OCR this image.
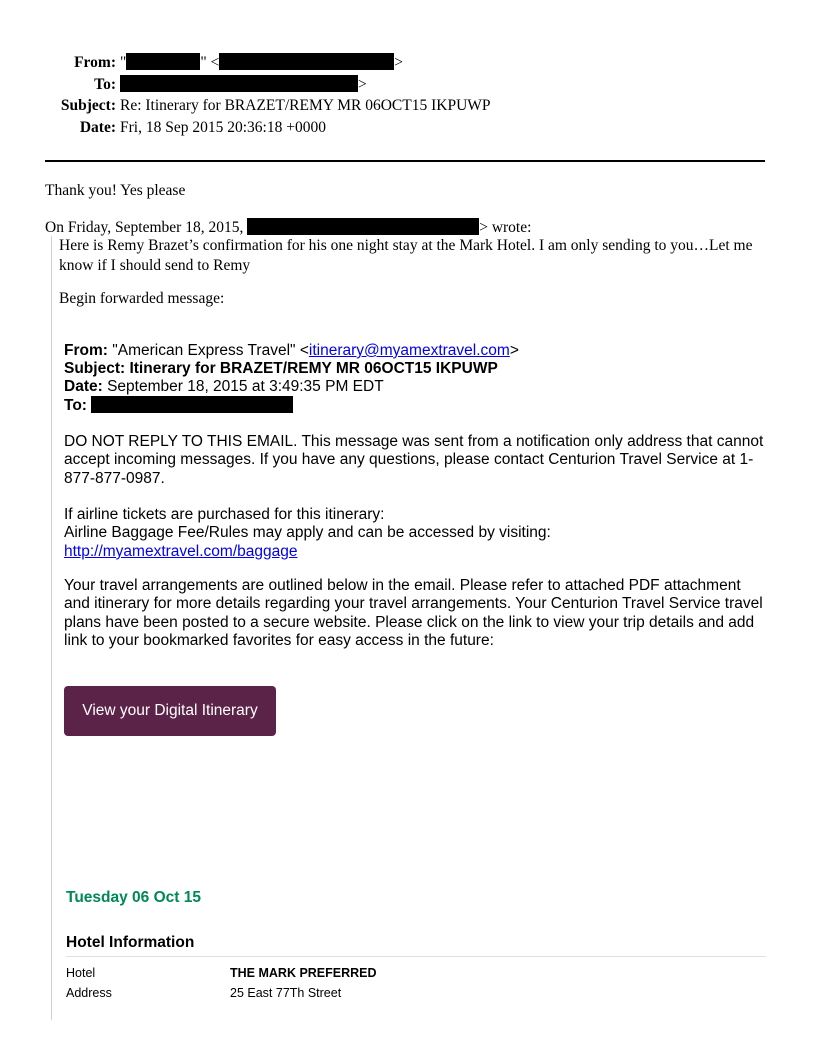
From: "	" <	>
To:	>
Subject: Re: Itinerary for BRAZET/REMY MR 06OCT15 IKPUWP
Date: Fri, 18 Sep 2015 20:36:18 +0000
Thank you! Yes please
On Friday, September 18, 2015,	> wrote:
Here is Remy Brazet’s confirmation for his one night stay at the Mark Hotel. I am only sending to you…Let me know if I should send to Remy
Begin forwarded message:

From: "American Express Travel" <itinerary@myamextravel.com>

Subject: Itinerary for BRAZET/REMY MR 06OCT15 IKPUWP

Date: September 18, 2015 at 3:49:35 PM EDT

To:

DO NOT REPLY TO THIS EMAIL. This message was sent from a notification only address that cannot accept incoming messages. If you have any questions, please contact Centurion Travel Service at 1-877-877-0987.
If airline tickets are purchased for this itinerary:
Airline Baggage Fee/Rules may apply and can be accessed by visiting:
http://myamextravel.com/baggage
Your travel arrangements are outlined below in the email. Please refer to attached PDF attachment and itinerary for more details regarding your travel arrangements. Your Centurion Travel Service travel plans have been posted to a secure website. Please click on the link to view your trip details and add link to your bookmarked favorites for easy access in the future:
View your Digital Itinerary
Tuesday 06 Oct 15
Hotel Information
Hotel	THE MARK PREFERRED
Address	25 East 77Th Street
